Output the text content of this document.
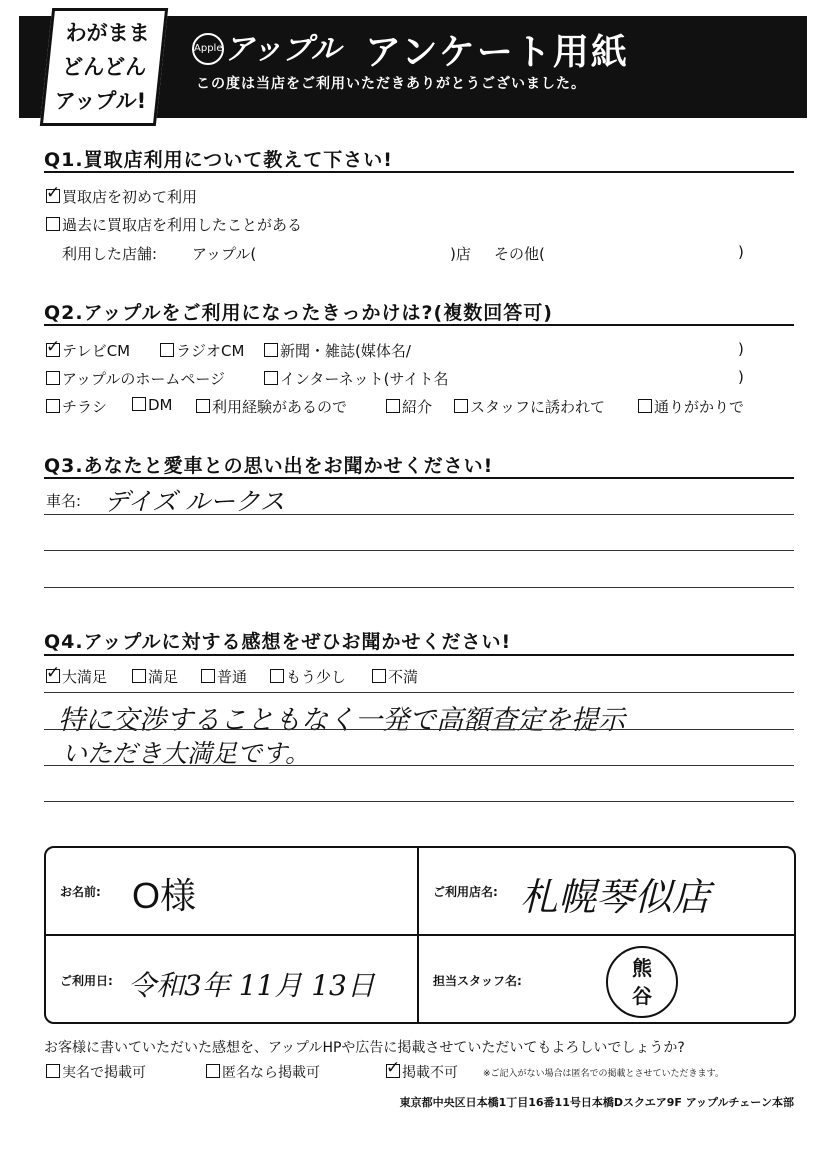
わがまま
どんどん
アップル!
Apple アップル アンケート用紙
この度は当店をご利用いただきありがとうございました。
Q1.買取店利用について教えて下さい!
✓買取店を初めて利用
過去に買取店を利用したことがある
利用した店舗: アップル(	)店 その他(	)
Q2.アップルをご利用になったきっかけは?(複数回答可)
✓テレビCM	ラジオCM	新聞・雑誌(媒体名/	)
アップルのホームページ	インターネット(サイト名	)
チラシ	DM	利用経験があるので	紹介	スタッフに誘われて	通りがかりで
Q3.あなたと愛車との思い出をお聞かせください!
車名: デイズ ルークス
Q4.アップルに対する感想をぜひお聞かせください!
✓大満足	満足	普通	もう少し	不満
特に交渉することもなく一発で高額査定を提示
いただき大満足です。
お名前: O様	ご利用店名: 札幌琴似店
ご利用日: 令和3年 11月 13日	担当スタッフ名:
熊
谷
お客様に書いていただいた感想を、アップルHPや広告に掲載させていただいてもよろしいでしょうか?
実名で掲載可	匿名なら掲載可
✓	掲載不可	※ご記入がない場合は匿名での掲載とさせていただきます。
東京都中央区日本橋1丁目16番11号日本橋Dスクエア9F アップルチェーン本部
